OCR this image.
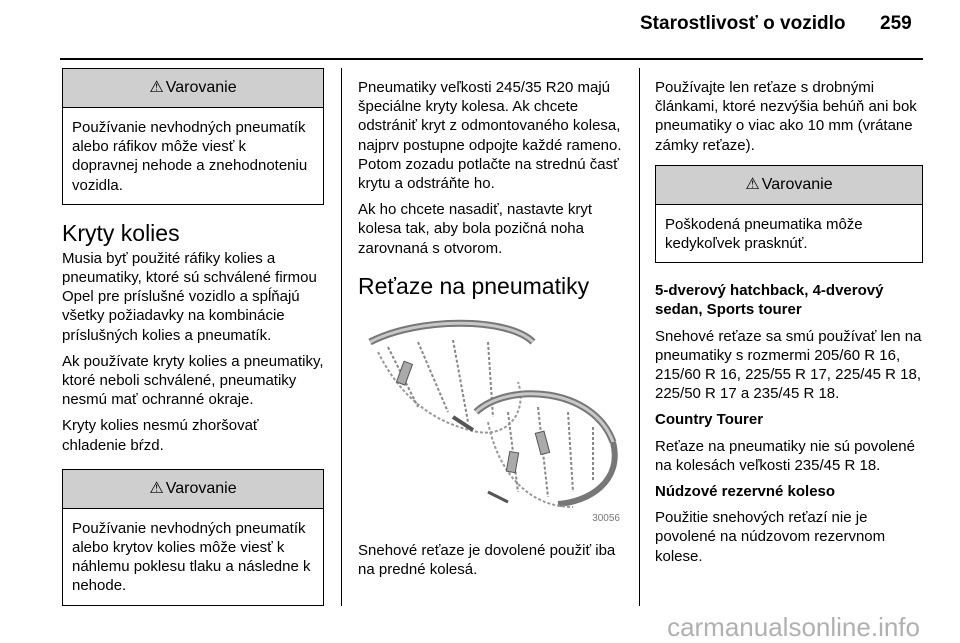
Starostlivosť o vozidlo 259
⚠ Varovanie

Používanie nevhodných pneumatík alebo ráfikov môže viesť k dopravnej nehode a znehodnoteniu vozidla.

Kryty kolies

Musia byť použité ráfiky kolies a pneumatiky, ktoré sú schválené firmou Opel pre príslušné vozidlo a spĺňajú všetky požiadavky na kombinácie príslušných kolies a pneumatík.

Ak používate kryty kolies a pneumatiky, ktoré neboli schválené, pneumatiky nesmú mať ochranné okraje.

Kryty kolies nesmú zhoršovať chladenie bŕzd.

⚠ Varovanie

Používanie nevhodných pneumatík alebo krytov kolies môže viesť k náhlemu poklesu tlaku a následne k nehode.

Pneumatiky veľkosti 245/35 R20 majú špeciálne kryty kolesa. Ak chcete odstrániť kryt z odmontovaného kolesa, najprv postupne odpojte každé rameno. Potom zozadu potlačte na strednú časť krytu a odstráňte ho.

Ak ho chcete nasadiť, nastavte kryt kolesa tak, aby bola pozičná noha zarovnaná s otvorom.

Reťaze na pneumatiky
30056

Snehové reťaze je dovolené použiť iba na predné kolesá.

Používajte len reťaze s drobnými článkami, ktoré nezvýšia behúň ani bok pneumatiky o viac ako 10 mm (vrátane zámky reťaze).

⚠ Varovanie

Poškodená pneumatika môže kedykoľvek prasknúť.

5-dverový hatchback, 4-dverový sedan, Sports tourer

Snehové reťaze sa smú používať len na pneumatiky s rozmermi 205/60 R 16, 215/60 R 16, 225/55 R 17, 225/45 R 18, 225/50 R 17 a 235/45 R 18.

Country Tourer

Reťaze na pneumatiky nie sú povolené na kolesách veľkosti 235/45 R 18.

Núdzové rezervné koleso

Použitie snehových reťazí nie je povolené na núdzovom rezervnom kolese.

carmanualsonline.info
